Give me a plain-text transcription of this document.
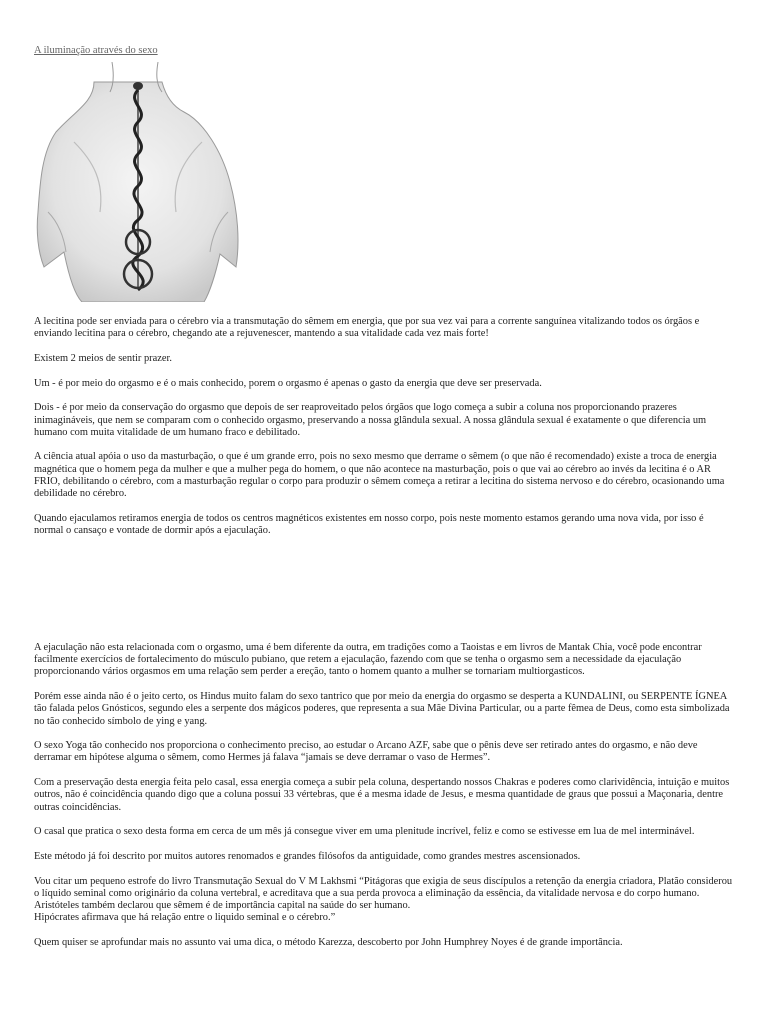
A iluminação através do sexo

A lecitina pode ser enviada para o cérebro via a transmutação do sêmem em energia, que por sua vez vai para a corrente sanguínea vitalizando todos os órgãos e enviando lecitina para o cérebro, chegando ate a rejuvenescer, mantendo a sua vitalidade cada vez mais forte!

Existem 2 meios de sentir prazer.

Um - é por meio do orgasmo e é o mais conhecido, porem o orgasmo é apenas o gasto da energia que deve ser preservada.

Dois - é por meio da conservação do orgasmo que depois de ser reaproveitado pelos órgãos que logo começa a subir a coluna nos proporcionando prazeres inimagináveis, que nem se comparam com o conhecido orgasmo, preservando a nossa glândula sexual. A nossa glândula sexual é exatamente o que diferencia um humano com muita vitalidade de um humano fraco e debilitado.

A ciência atual apóia o uso da masturbação, o que é um grande erro, pois no sexo mesmo que derrame o sêmem (o que não é recomendado) existe a troca de energia magnética que o homem pega da mulher e que a mulher pega do homem, o que não acontece na masturbação, pois o que vai ao cérebro ao invés da lecitina é o AR FRIO, debilitando o cérebro, com a masturbação regular o corpo para produzir o sêmem começa a retirar a lecitina do sistema nervoso e do cérebro, ocasionando uma debilidade no cérebro.

Quando ejaculamos retiramos energia de todos os centros magnéticos existentes em nosso corpo, pois neste momento estamos gerando uma nova vida, por isso é normal o cansaço e vontade de dormir após a ejaculação.

A ejaculação não esta relacionada com o orgasmo, uma é bem diferente da outra, em tradições como a Taoistas e em livros de Mantak Chia, você pode encontrar facilmente exercícios de fortalecimento do músculo pubiano, que retem a ejaculação, fazendo com que se tenha o orgasmo sem a necessidade da ejaculação proporcionando vários orgasmos em uma relação sem perder a ereção, tanto o homem quanto a mulher se tornariam multiorgasticos.

Porém esse ainda não é o jeito certo, os Hindus muito falam do sexo tantrico que por meio da energia do orgasmo se desperta a KUNDALINI, ou SERPENTE ÍGNEA tão falada pelos Gnósticos, segundo eles a serpente dos mágicos poderes, que representa a sua Mãe Divina Particular, ou a parte fêmea de Deus, como esta simbolizada no tão conhecido símbolo de ying e yang.

O sexo Yoga tão conhecido nos proporciona o conhecimento preciso, ao estudar o Arcano AZF, sabe que o pênis deve ser retirado antes do orgasmo, e não deve derramar em hipótese alguma o sêmem, como Hermes já falava “jamais se deve derramar o vaso de Hermes”.

Com a preservação desta energia feita pelo casal, essa energia começa a subir pela coluna, despertando nossos Chakras e poderes como clarividência, intuição e muitos outros, não é coincidência quando digo que a coluna possui 33 vértebras, que é a mesma idade de Jesus, e mesma quantidade de graus que possui a Maçonaria, dentre outras coincidências.

O casal que pratica o sexo desta forma em cerca de um mês já consegue viver em uma plenitude incrível, feliz e como se estivesse em lua de mel interminável.

Este método já foi descrito por muitos autores renomados e grandes filósofos da antiguidade, como grandes mestres ascensionados.

Vou citar um pequeno estrofe do livro Transmutação Sexual do V M Lakhsmi “Pitágoras que exigia de seus discípulos a retenção da energia criadora, Platão considerou o líquido seminal como originário da coluna vertebral, e acreditava que a sua perda provoca a eliminação da essência, da vitalidade nervosa e do corpo humano.

Aristóteles também declarou que sêmem é de importância capital na saúde do ser humano.

Hipócrates afirmava que há relação entre o liquido seminal e o cérebro.”

Quem quiser se aprofundar mais no assunto vai uma dica, o método Karezza, descoberto por John Humphrey Noyes é de grande importância.
